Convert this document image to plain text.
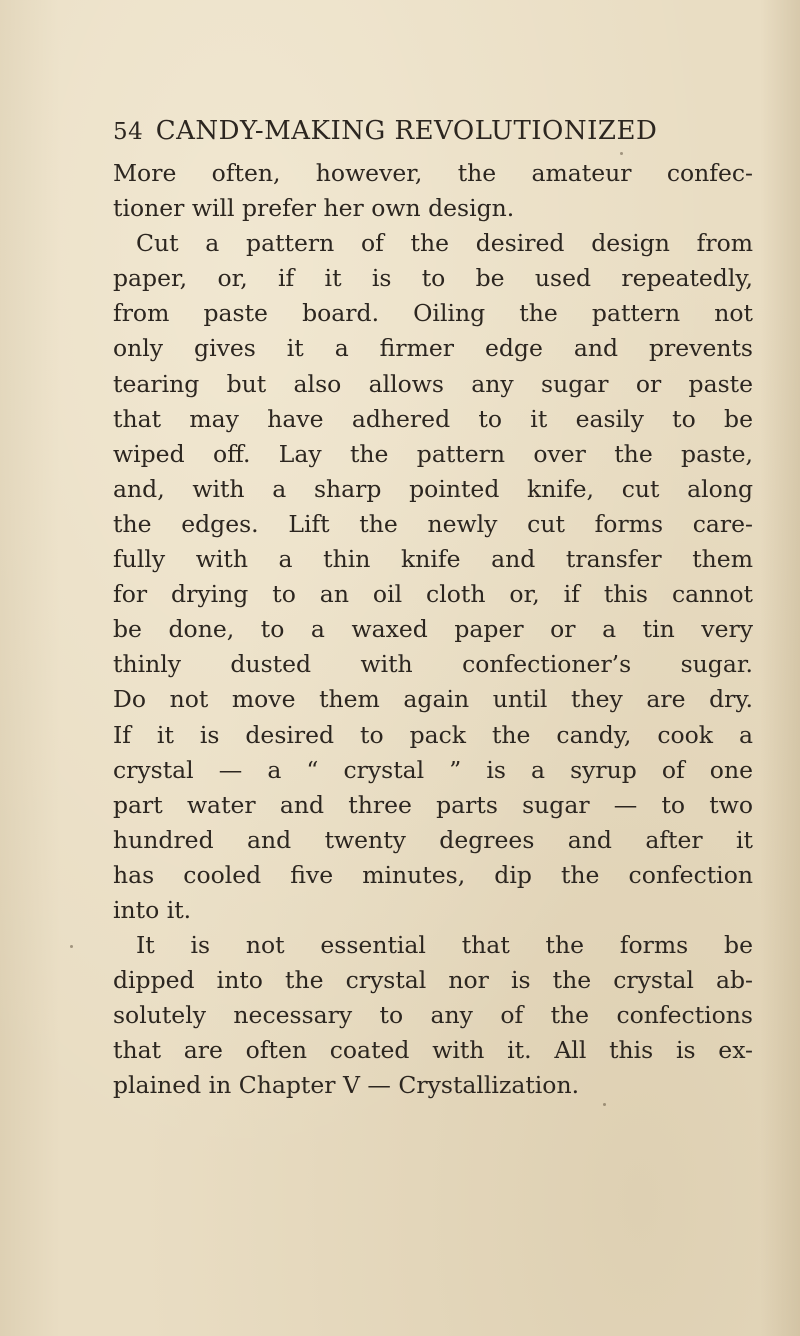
54 CANDY-MAKING REVOLUTIONIZED
More often, however, the amateur confec-
tioner will prefer her own design.
Cut a pattern of the desired design from
paper, or, if it is to be used repeatedly,
from paste board. Oiling the pattern not
only gives it a firmer edge and prevents
tearing but also allows any sugar or paste
that may have adhered to it easily to be
wiped off. Lay the pattern over the paste,
and, with a sharp pointed knife, cut along
the edges. Lift the newly cut forms care-
fully with a thin knife and transfer them
for drying to an oil cloth or, if this cannot
be done, to a waxed paper or a tin very
thinly dusted with confectioner’s sugar.
Do not move them again until they are dry.
If it is desired to pack the candy, cook a
crystal — a “ crystal ” is a syrup of one
part water and three parts sugar — to two
hundred and twenty degrees and after it
has cooled five minutes, dip the confection
into it.
It is not essential that the forms be
dipped into the crystal nor is the crystal ab-
solutely necessary to any of the confections
that are often coated with it. All this is ex-
plained in Chapter V — Crystallization.
